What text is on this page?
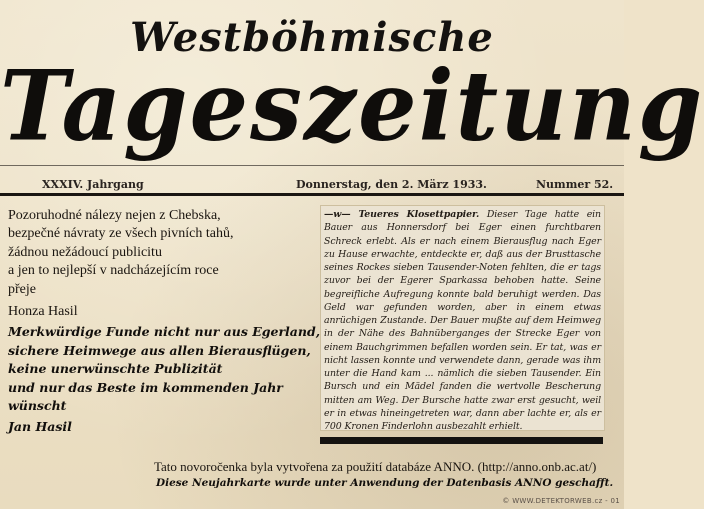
Westböhmische
Tageszeitung
XXXIV. Jahrgang	Donnerstag, den 2. März 1933.	Nummer 52.
Pozoruhodné nálezy nejen z Chebska,
bezpečné návraty ze všech pivních tahů,
žádnou nežádoucí publicitu
a jen to nejlepší v nadcházejícím roce
přeje
Honza Hasil
Merkwürdige Funde nicht nur aus Egerland,
sichere Heimwege aus allen Bierausflügen,
keine unerwünschte Publizität
und nur das Beste im kommenden Jahr
wünscht
Jan Hasil
—w— Teueres Klosettpapier. Dieser Tage hatte ein Bauer aus Honnersdorf bei Eger einen furchtbaren Schreck erlebt. Als er nach einem Bierausflug nach Eger zu Hause erwachte, entdeckte er, daß aus der Brusttasche seines Rockes sieben Tausender-Noten fehlten, die er tags zuvor bei der Egerer Sparkassa behoben hatte. Seine begreifliche Aufregung konnte bald beruhigt werden. Das Geld war gefunden worden, aber in einem etwas anrüchigen Zustande. Der Bauer mußte auf dem Heimweg in der Nähe des Bahnüberganges der Strecke Eger von einem Bauchgrimmen befallen worden sein. Er tat, was er nicht lassen konnte und verwendete dann, gerade was ihm unter die Hand kam ... nämlich die sieben Tausender. Ein Bursch und ein Mädel fanden die wertvolle Bescherung mitten am Weg. Der Bursche hatte zwar erst gesucht, weil er in etwas hineingetreten war, dann aber lachte er, als er 700 Kronen Finderlohn ausbezahlt erhielt.
Tato novoročenka byla vytvořena za použití databáze ANNO. (http://anno.onb.ac.at/)
Diese Neujahrkarte wurde unter Anwendung der Datenbasis ANNO geschafft.
© WWW.DETEKTORWEB.cz - 01
